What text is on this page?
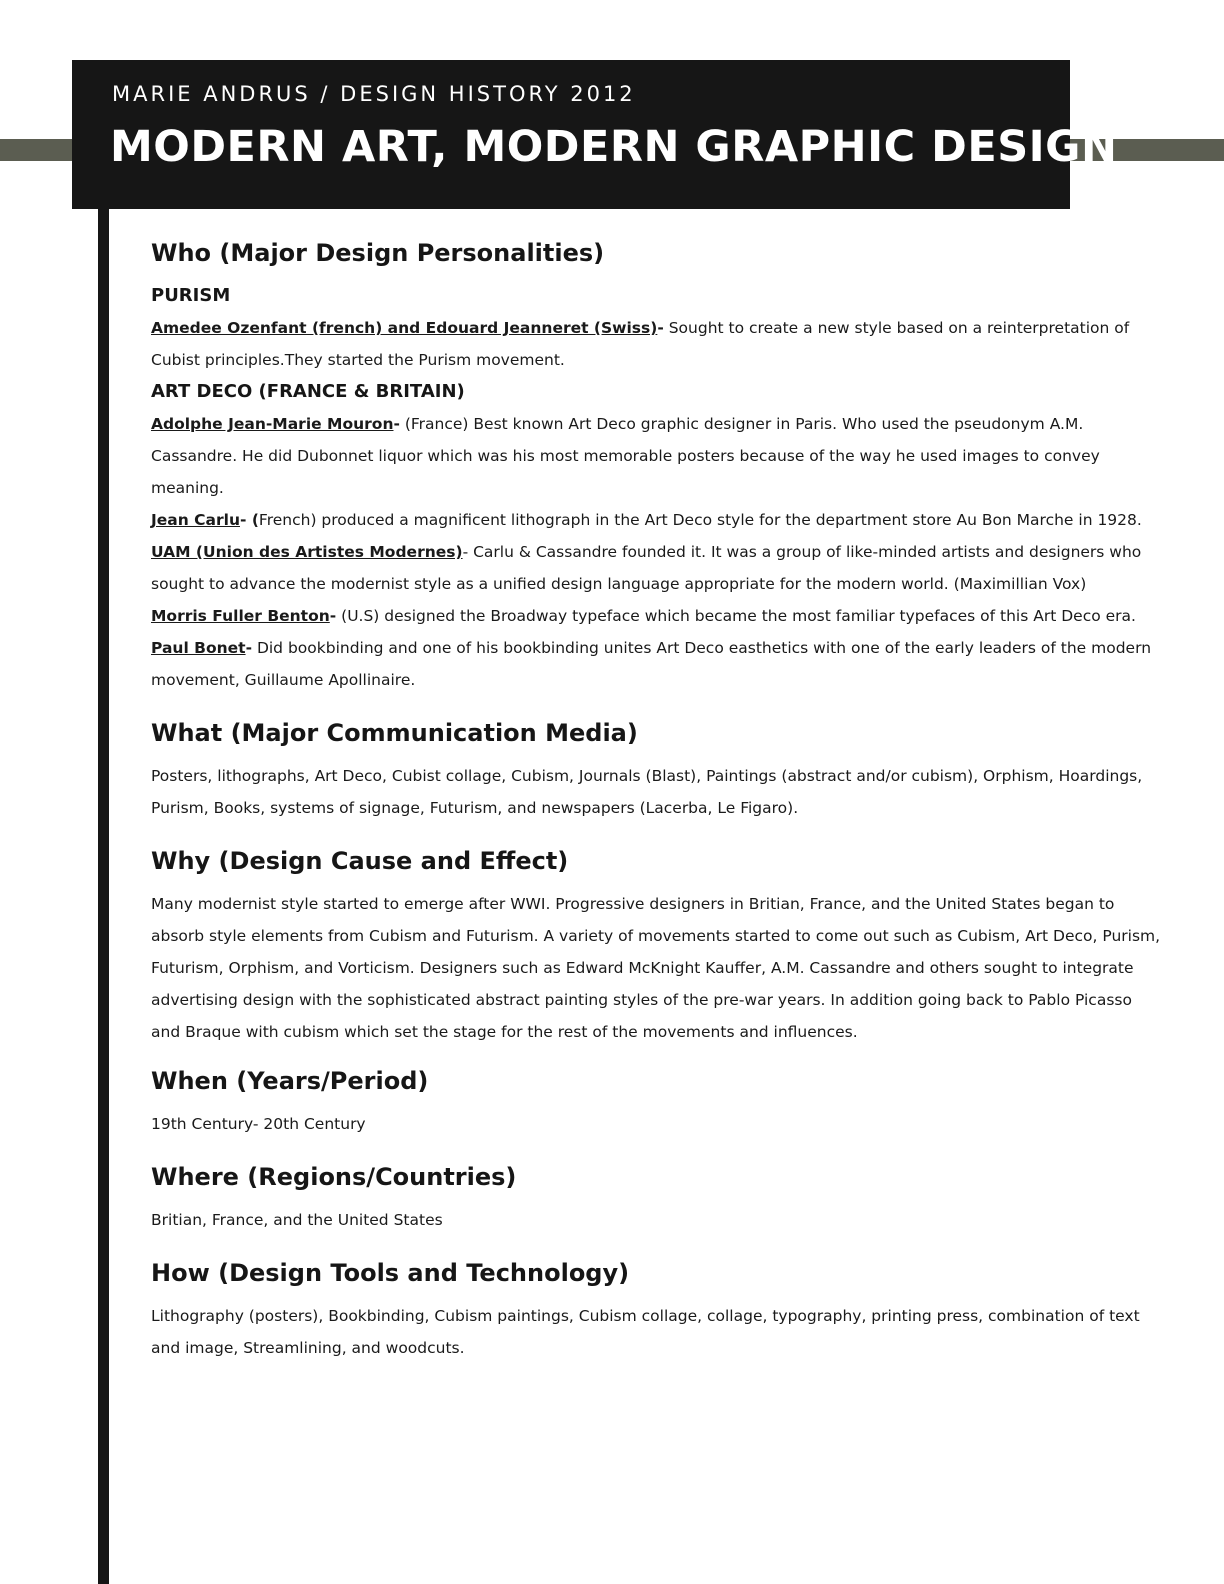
MARIE ANDRUS / DESIGN HISTORY 2012
MODERN ART, MODERN GRAPHIC DESIGN
Who (Major Design Personalities)
PURISM

Amedee Ozenfant (french) and Edouard Jeanneret (Swiss)- Sought to create a new style based on a reinterpretation of Cubist principles.They started the Purism movement.

ART DECO (FRANCE & BRITAIN)

Adolphe Jean-Marie Mouron- (France) Best known Art Deco graphic designer in Paris. Who used the pseudonym A.M. Cassandre. He did Dubonnet liquor which was his most memorable posters because of the way he used images to convey meaning.

Jean Carlu- (French) produced a magnificent lithograph in the Art Deco style for the department store Au Bon Marche in 1928.

UAM (Union des Artistes Modernes)- Carlu & Cassandre founded it. It was a group of like-minded artists and designers who sought to advance the modernist style as a unified design language appropriate for the modern world. (Maximillian Vox)

Morris Fuller Benton- (U.S) designed the Broadway typeface which became the most familiar typefaces of this Art Deco era.

Paul Bonet- Did bookbinding and one of his bookbinding unites Art Deco easthetics with one of the early leaders of the modern movement, Guillaume Apollinaire.

What (Major Communication Media)

Posters, lithographs, Art Deco, Cubist collage, Cubism, Journals (Blast), Paintings (abstract and/or cubism), Orphism, Hoardings, Purism, Books, systems of signage, Futurism, and newspapers (Lacerba, Le Figaro).

Why (Design Cause and Effect)

Many modernist style started to emerge after WWI. Progressive designers in Britian, France, and the United States began to absorb style elements from Cubism and Futurism. A variety of movements started to come out such as Cubism, Art Deco, Purism, Futurism, Orphism, and Vorticism. Designers such as Edward McKnight Kauffer, A.M. Cassandre and others sought to integrate advertising design with the sophisticated abstract painting styles of the pre-war years. In addition going back to Pablo Picasso and Braque with cubism which set the stage for the rest of the movements and influences.

When (Years/Period)

19th Century- 20th Century

Where (Regions/Countries)

Britian, France, and the United States

How (Design Tools and Technology)

Lithography (posters), Bookbinding, Cubism paintings, Cubism collage, collage, typography, printing press, combination of text and image, Streamlining, and woodcuts.
